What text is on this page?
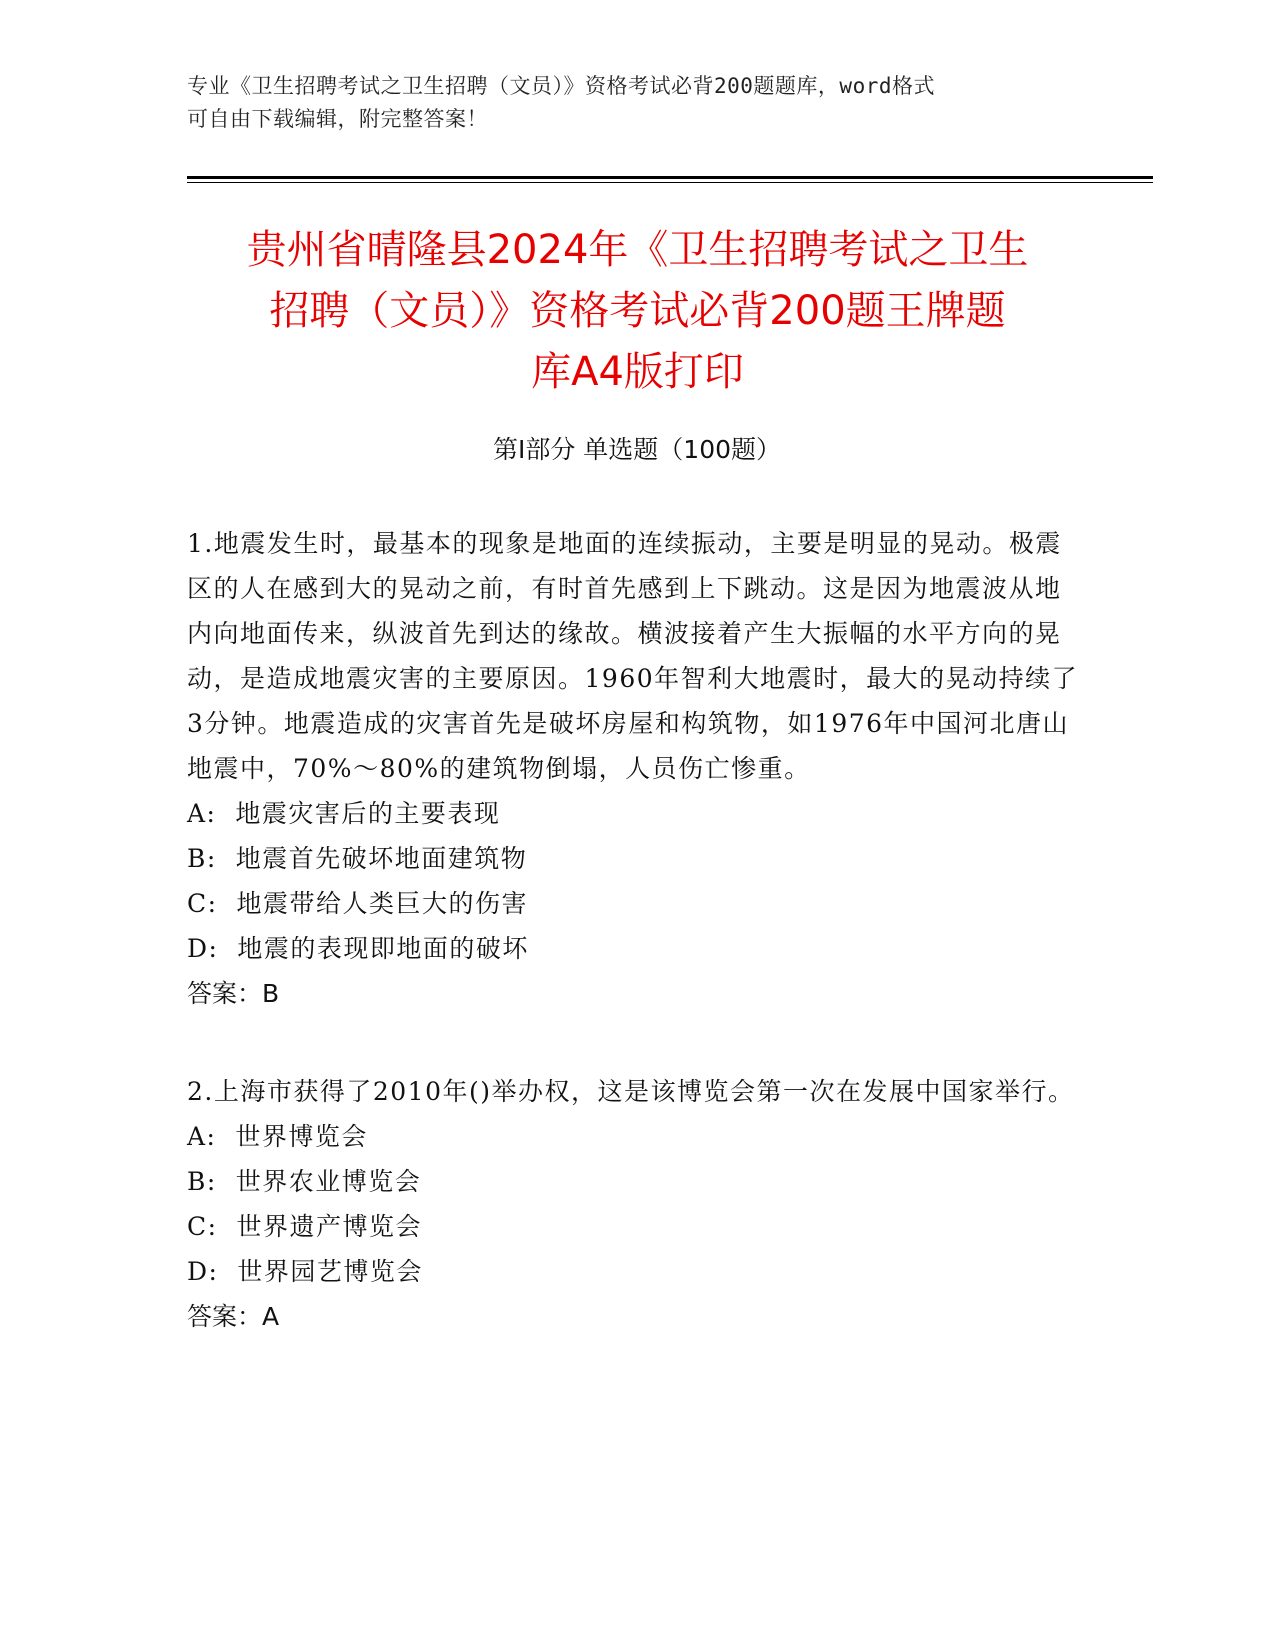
专业《卫生招聘考试之卫生招聘（文员）》资格考试必背200题题库，word格式
可自由下载编辑，附完整答案！
贵州省晴隆县2024年《卫生招聘考试之卫生
招聘（文员）》资格考试必背200题王牌题
库A4版打印
第Ⅰ部分 单选题（100题）

1.地震发生时，最基本的现象是地面的连续振动，主要是明显的晃动。极震区的人在感到大的晃动之前，有时首先感到上下跳动。这是因为地震波从地内向地面传来，纵波首先到达的缘故。横波接着产生大振幅的水平方向的晃动，是造成地震灾害的主要原因。1960年智利大地震时，最大的晃动持续了3分钟。地震造成的灾害首先是破坏房屋和构筑物，如1976年中国河北唐山地震中，70%～80%的建筑物倒塌，人员伤亡惨重。

A:  地震灾害后的主要表现

B:  地震首先破坏地面建筑物

C:  地震带给人类巨大的伤害

D:  地震的表现即地面的破坏

答案：B

2.上海市获得了2010年()举办权，这是该博览会第一次在发展中国家举行。

A:  世界博览会

B:  世界农业博览会

C:  世界遗产博览会

D:  世界园艺博览会

答案：A
